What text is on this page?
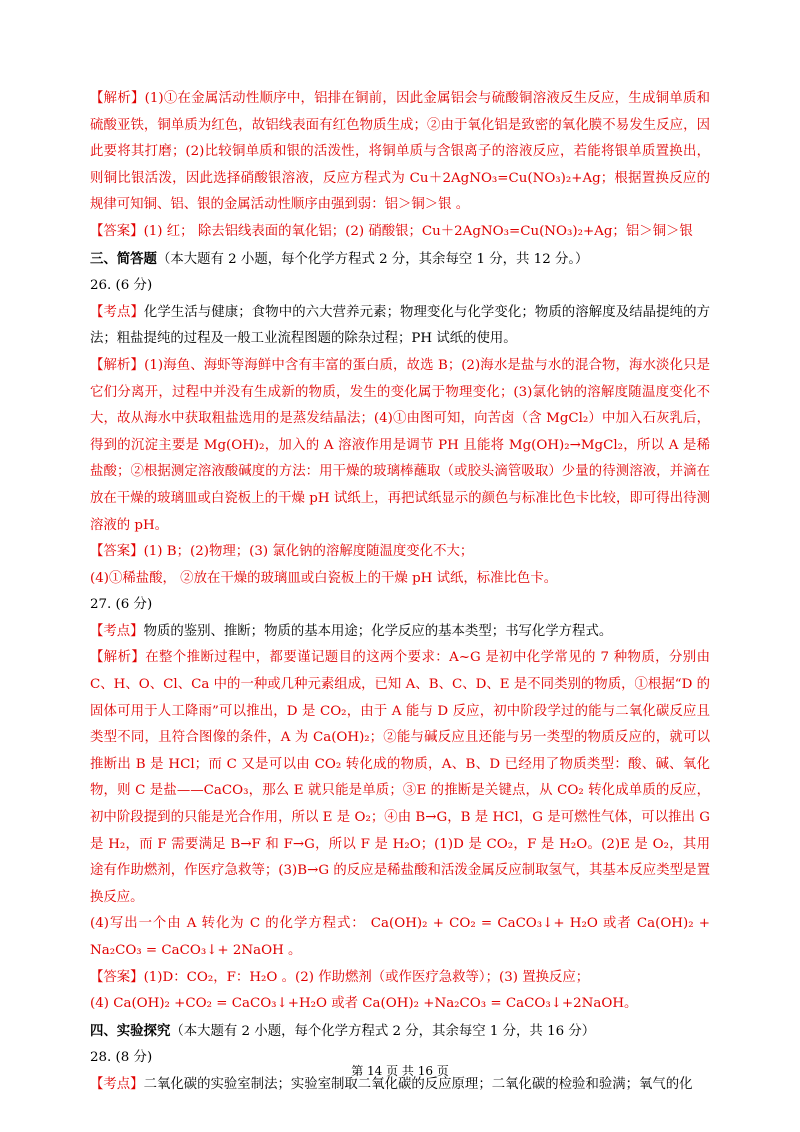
【解析】(1)①在金属活动性顺序中，铝排在铜前，因此金属铝会与硫酸铜溶液反生反应，生成铜单质和硫酸亚铁，铜单质为红色，故铝线表面有红色物质生成；②由于氧化铝是致密的氧化膜不易发生反应，因此要将其打磨；(2)比较铜单质和银的活泼性，将铜单质与含银离子的溶液反应，若能将银单质置换出，则铜比银活泼，因此选择硝酸银溶液，反应方程式为 Cu＋2AgNO₃=Cu(NO₃)₂+Ag；根据置换反应的规律可知铜、铝、银的金属活动性顺序由强到弱：铝＞铜＞银 。

【答案】(1) 红； 除去铝线表面的氧化铝；(2) 硝酸银；Cu＋2AgNO₃=Cu(NO₃)₂+Ag；铝＞铜＞银

三、简答题（本大题有 2 小题，每个化学方程式 2 分，其余每空 1 分，共 12 分。）

26. (6 分)

【考点】化学生活与健康；食物中的六大营养元素；物理变化与化学变化；物质的溶解度及结晶提纯的方法；粗盐提纯的过程及一般工业流程图题的除杂过程；PH 试纸的使用。

【解析】(1)海鱼、海虾等海鲜中含有丰富的蛋白质，故选 B；(2)海水是盐与水的混合物，海水淡化只是它们分离开，过程中并没有生成新的物质，发生的变化属于物理变化；(3)氯化钠的溶解度随温度变化不大，故从海水中获取粗盐选用的是蒸发结晶法；(4)①由图可知，向苦卤（含 MgCl₂）中加入石灰乳后，得到的沉淀主要是 Mg(OH)₂，加入的 A 溶液作用是调节 PH 且能将 Mg(OH)₂→MgCl₂，所以 A 是稀盐酸；②根据测定溶液酸碱度的方法：用干燥的玻璃棒蘸取（或胶头滴管吸取）少量的待测溶液，并滴在放在干燥的玻璃皿或白瓷板上的干燥 pH 试纸上，再把试纸显示的颜色与标准比色卡比较，即可得出待测溶液的 pH。

【答案】(1) B；(2)物理；(3) 氯化钠的溶解度随温度变化不大；

(4)①稀盐酸， ②放在干燥的玻璃皿或白瓷板上的干燥 pH 试纸，标准比色卡。

27. (6 分)

【考点】物质的鉴别、推断；物质的基本用途；化学反应的基本类型；书写化学方程式。

【解析】在整个推断过程中，都要谨记题目的这两个要求：A~G 是初中化学常见的 7 种物质，分别由 C、H、O、Cl、Ca 中的一种或几种元素组成，已知 A、B、C、D、E 是不同类别的物质，①根据“D 的固体可用于人工降雨”可以推出，D 是 CO₂，由于 A 能与 D 反应，初中阶段学过的能与二氧化碳反应且类型不同，且符合图像的条件，A 为 Ca(OH)₂；②能与碱反应且还能与另一类型的物质反应的，就可以推断出 B 是 HCl；而 C 又是可以由 CO₂ 转化成的物质，A、B、D 已经用了物质类型：酸、碱、氧化物，则 C 是盐——CaCO₃，那么 E 就只能是单质；③E 的推断是关键点，从 CO₂ 转化成单质的反应，初中阶段提到的只能是光合作用，所以 E 是 O₂；④由 B→G，B 是 HCl，G 是可燃性气体，可以推出 G 是 H₂，而 F 需要满足 B→F 和 F→G，所以 F 是 H₂O；(1)D 是 CO₂，F 是 H₂O。(2)E 是 O₂，其用途有作助燃剂，作医疗急救等；(3)B→G 的反应是稀盐酸和活泼金属反应制取氢气，其基本反应类型是置换反应。

(4)写出一个由 A 转化为 C 的化学方程式： Ca(OH)₂ + CO₂ = CaCO₃↓+ H₂O 或者 Ca(OH)₂ + Na₂CO₃ = CaCO₃↓+ 2NaOH 。

【答案】(1)D：CO₂，F：H₂O 。(2) 作助燃剂（或作医疗急救等）；(3) 置换反应；

(4) Ca(OH)₂ +CO₂ = CaCO₃↓+H₂O 或者 Ca(OH)₂ +Na₂CO₃ = CaCO₃↓+2NaOH。

四、实验探究（本大题有 2 小题，每个化学方程式 2 分，其余每空 1 分，共 16 分）

28. (8 分)

【考点】二氧化碳的实验室制法；实验室制取二氧化碳的反应原理；二氧化碳的检验和验满；氧气的化

第 14 页 共 16 页
